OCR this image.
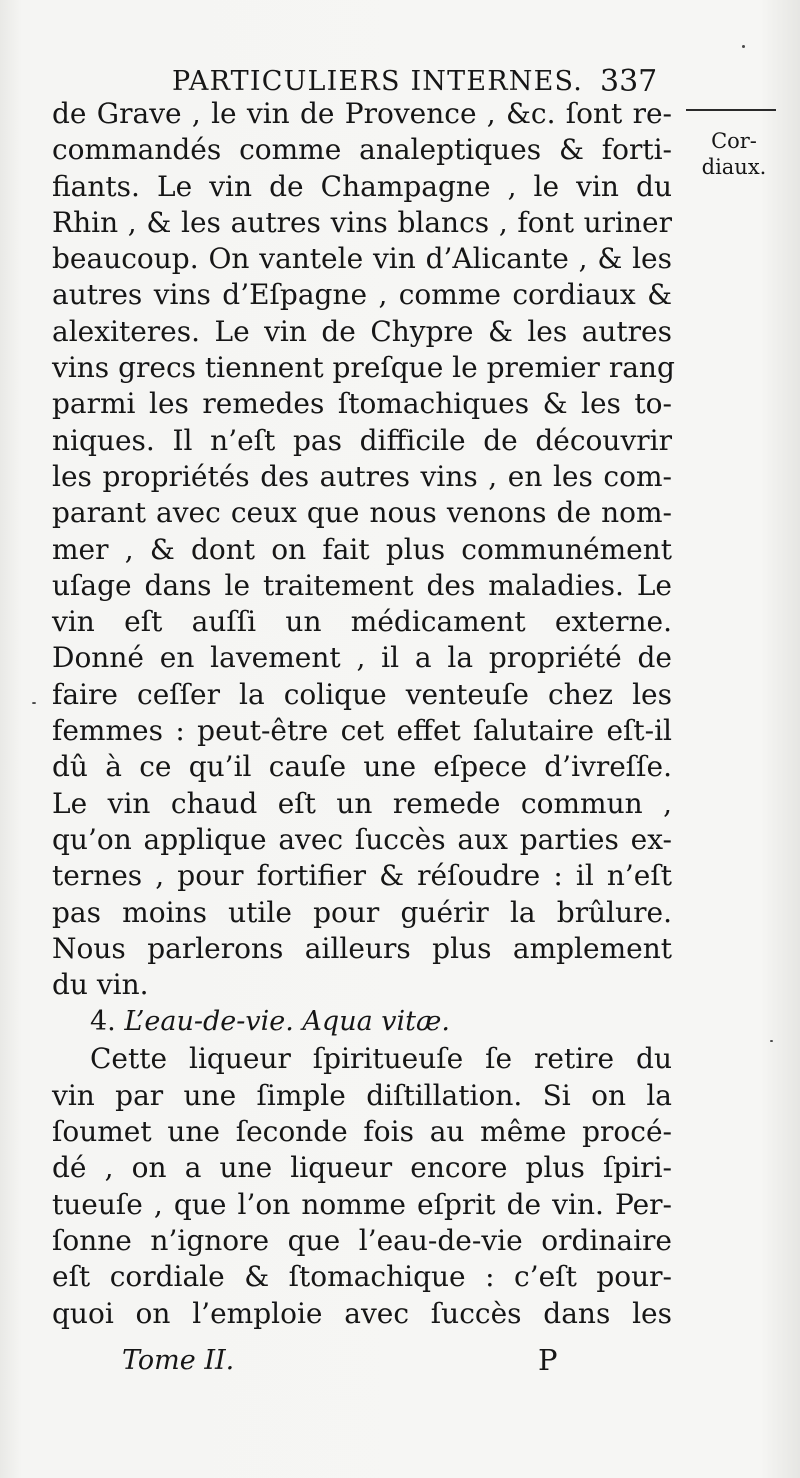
PARTICULIERS INTERNES. 337
Cor-
diaux.
de Grave , le vin de Provence , &c. ſont re-
commandés comme analeptiques & forti-
fiants. Le vin de Champagne , le vin du
Rhin , & les autres vins blancs , font uriner
beaucoup. On vantele vin d’Alicante , & les
autres vins d’Eſpagne , comme cordiaux &
alexiteres. Le vin de Chypre & les autres
vins grecs tiennent preſque le premier rang
parmi les remedes ſtomachiques & les to-
niques. Il n’eſt pas difficile de découvrir
les propriétés des autres vins , en les com-
parant avec ceux que nous venons de nom-
mer , & dont on fait plus communément
uſage dans le traitement des maladies. Le
vin eſt auſſi un médicament externe.
Donné en lavement , il a la propriété de
faire ceſſer la colique venteuſe chez les
femmes : peut-être cet effet ſalutaire eſt-il
dû à ce qu’il cauſe une eſpece d’ivreſſe.
Le vin chaud eſt un remede commun ,
qu’on applique avec ſuccès aux parties ex-
ternes , pour fortifier & réſoudre : il n’eſt
pas moins utile pour guérir la brûlure.
Nous parlerons ailleurs plus amplement
du vin.
4. L’eau-de-vie. Aqua vitæ.
Cette liqueur ſpiritueuſe ſe retire du
vin par une ſimple diſtillation. Si on la
ſoumet une ſeconde fois au même procé-
dé , on a une liqueur encore plus ſpiri-
tueuſe , que l’on nomme eſprit de vin. Per-
ſonne n’ignore que l’eau-de-vie ordinaire
eſt cordiale & ſtomachique : c’eſt pour-
quoi on l’emploie avec ſuccès dans les
Tome II.	P
